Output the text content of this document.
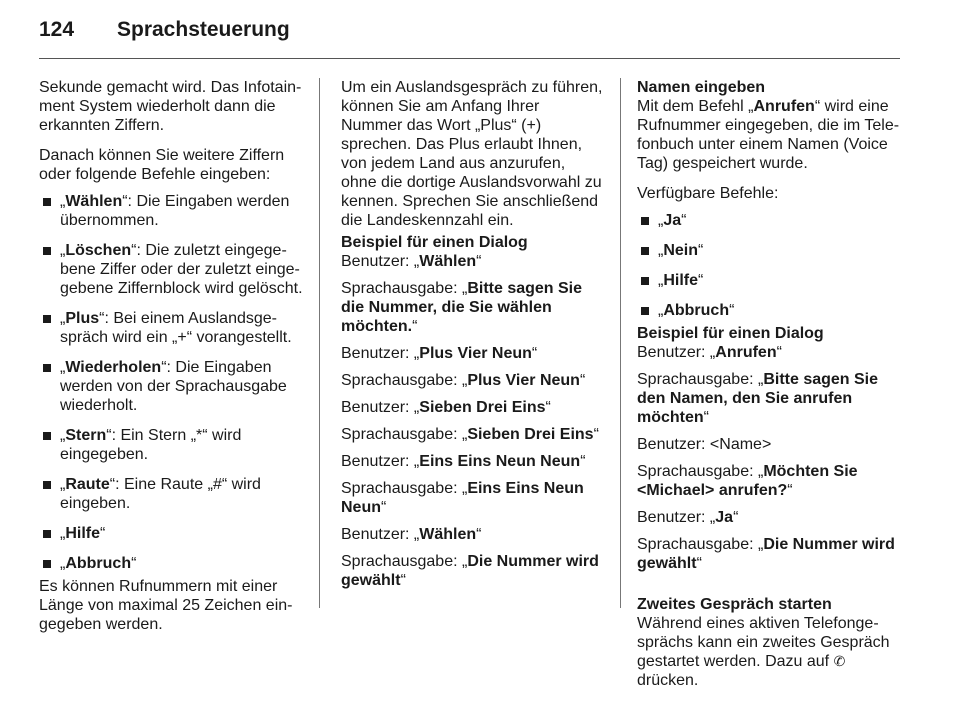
124 Sprachsteuerung

Sekunde gemacht wird. Das Infotainment System wiederholt dann die erkannten Ziffern.

Danach können Sie weitere Ziffern oder folgende Befehle eingeben:

„Wählen“: Die Eingaben werden übernommen.
„Löschen“: Die zuletzt eingegebene Ziffer oder der zuletzt eingegebene Ziffernblock wird gelöscht.
„Plus“: Bei einem Auslandsgespräch wird ein „+“ vorangestellt.
„Wiederholen“: Die Eingaben werden von der Sprachausgabe wiederholt.
„Stern“: Ein Stern „*“ wird eingegeben.
„Raute“: Eine Raute „#“ wird eingeben.
„Hilfe“
„Abbruch“

Es können Rufnummern mit einer Länge von maximal 25 Zeichen eingegeben werden.

Um ein Auslandsgespräch zu führen, können Sie am Anfang Ihrer Nummer das Wort „Plus“ (+) sprechen. Das Plus erlaubt Ihnen, von jedem Land aus anzurufen, ohne die dortige Auslandsvorwahl zu kennen. Sprechen Sie anschließend die Landeskennzahl ein.

Beispiel für einen Dialog

Benutzer: „Wählen“

Sprachausgabe: „Bitte sagen Sie die Nummer, die Sie wählen möchten.“

Benutzer: „Plus Vier Neun“

Sprachausgabe: „Plus Vier Neun“

Benutzer: „Sieben Drei Eins“

Sprachausgabe: „Sieben Drei Eins“

Benutzer: „Eins Eins Neun Neun“

Sprachausgabe: „Eins Eins Neun Neun“

Benutzer: „Wählen“

Sprachausgabe: „Die Nummer wird gewählt“

Namen eingeben

Mit dem Befehl „Anrufen“ wird eine Rufnummer eingegeben, die im Telefonbuch unter einem Namen (Voice Tag) gespeichert wurde.

Verfügbare Befehle:

„Ja“
„Nein“
„Hilfe“
„Abbruch“
Beispiel für einen Dialog

Benutzer: „Anrufen“

Sprachausgabe: „Bitte sagen Sie den Namen, den Sie anrufen möchten“

Benutzer: <Name>

Sprachausgabe: „Möchten Sie <Michael> anrufen?“

Benutzer: „Ja“

Sprachausgabe: „Die Nummer wird gewählt“

Zweites Gespräch starten

Während eines aktiven Telefongesprächs kann ein zweites Gespräch gestartet werden. Dazu auf ✆
drücken.
